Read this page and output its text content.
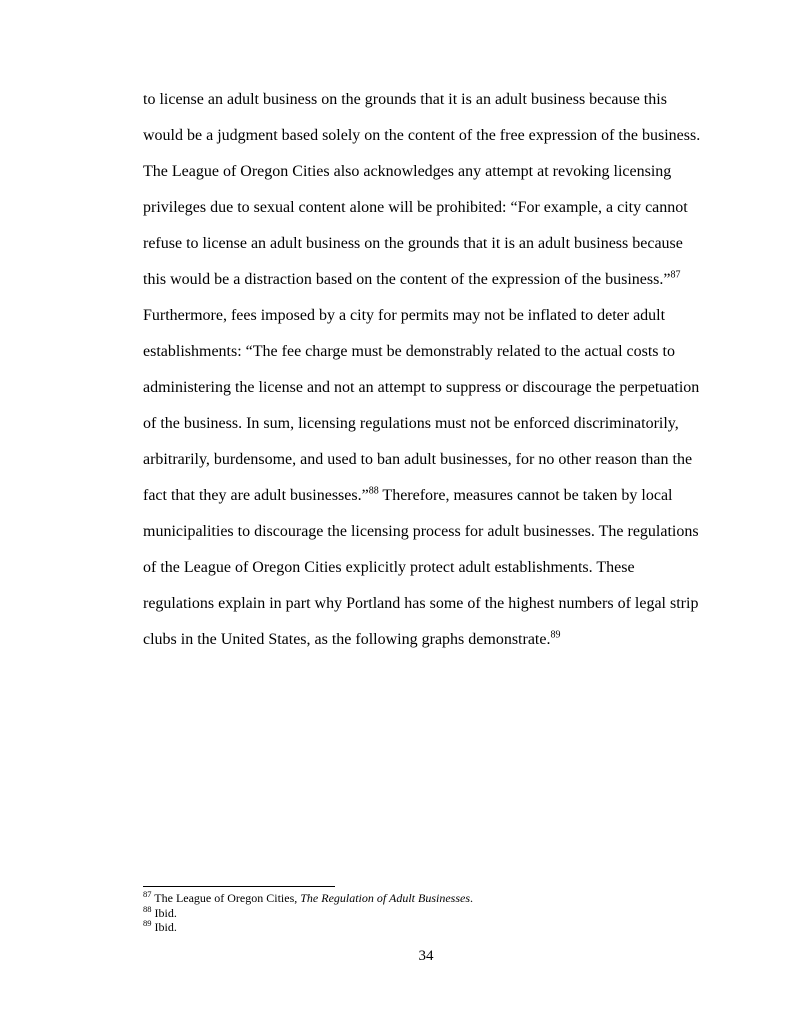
to license an adult business on the grounds that it is an adult business because this would be a judgment based solely on the content of the free expression of the business. The League of Oregon Cities also acknowledges any attempt at revoking licensing privileges due to sexual content alone will be prohibited: “For example, a city cannot refuse to license an adult business on the grounds that it is an adult business because this would be a distraction based on the content of the expression of the business.”$^{87}$ Furthermore, fees imposed by a city for permits may not be inflated to deter adult establishments: “The fee charge must be demonstrably related to the actual costs to administering the license and not an attempt to suppress or discourage the perpetuation of the business. In sum, licensing regulations must not be enforced discriminatorily, arbitrarily, burdensome, and used to ban adult businesses, for no other reason than the fact that they are adult businesses.”$^{88}$ Therefore, measures cannot be taken by local municipalities to discourage the licensing process for adult businesses. The regulations of the League of Oregon Cities explicitly protect adult establishments. These regulations explain in part why Portland has some of the highest numbers of legal strip clubs in the United States, as the following graphs demonstrate.$^{89}$
$^{87}$ The League of Oregon Cities, The Regulation of Adult Businesses.
$^{88}$ Ibid.
$^{89}$ Ibid.
34
